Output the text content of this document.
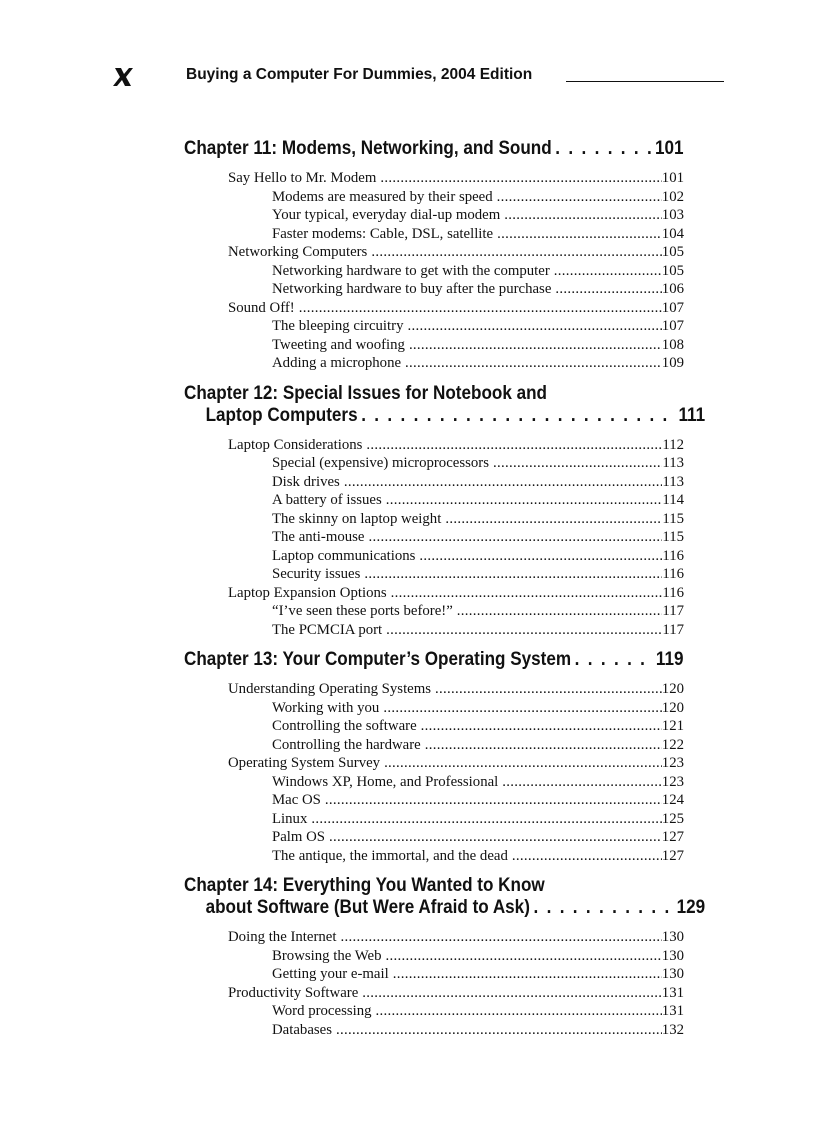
Buying a Computer For Dummies, 2004 Edition
Chapter 11: Modems, Networking, and Sound . . .	101
Say Hello to Mr. Modem .....	101
Modems are measured by their speed .....	102
Your typical, everyday dial-up modem .....	103
Faster modems: Cable, DSL, satellite .....	104
Networking Computers .....	105
Networking hardware to get with the computer .....	105
Networking hardware to buy after the purchase .....	106
Sound Off! .....	107
The bleeping circuitry .....	107
Tweeting and woofing .....	108
Adding a microphone .....	109
Chapter 12: Special Issues for Notebook and
Laptop Computers . . .	111
Laptop Considerations .....	112
Special (expensive) microprocessors .....	113
Disk drives .....	113
A battery of issues .....	114
The skinny on laptop weight .....	115
The anti-mouse .....	115
Laptop communications .....	116
Security issues .....	116
Laptop Expansion Options .....	116
“I’ve seen these ports before!” .....	117
The PCMCIA port .....	117
Chapter 13: Your Computer’s Operating System . . .	119
Understanding Operating Systems .....	120
Working with you .....	120
Controlling the software .....	121
Controlling the hardware .....	122
Operating System Survey .....	123
Windows XP, Home, and Professional .....	123
Mac OS .....	124
Linux .....	125
Palm OS .....	127
The antique, the immortal, and the dead .....	127
Chapter 14: Everything You Wanted to Know
about Software (But Were Afraid to Ask) . . .	129
Doing the Internet .....	130
Browsing the Web .....	130
Getting your e-mail .....	130
Productivity Software .....	131
Word processing .....	131
Databases .....	132
